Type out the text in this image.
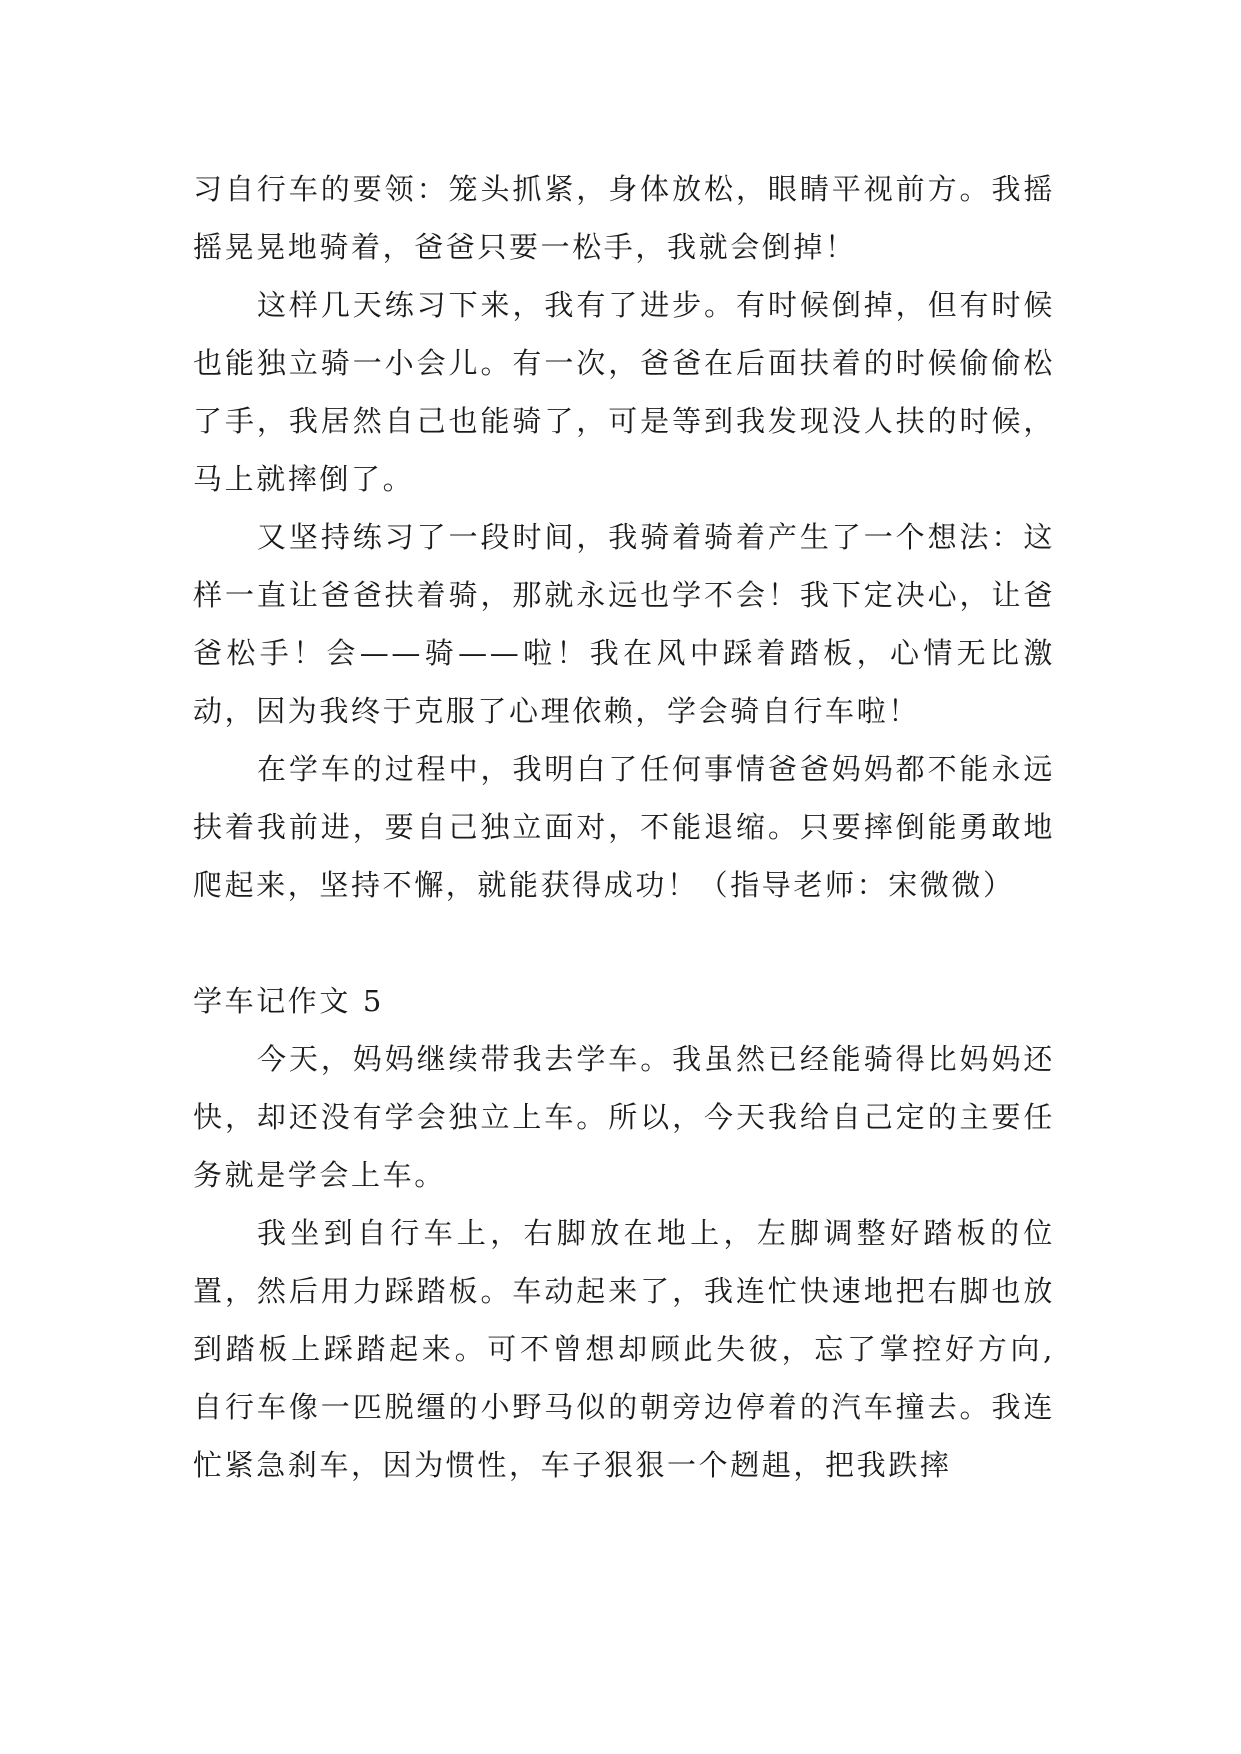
习自行车的要领：笼头抓紧，身体放松，眼睛平视前方。我摇摇晃晃地骑着，爸爸只要一松手，我就会倒掉！

这样几天练习下来，我有了进步。有时候倒掉，但有时候也能独立骑一小会儿。有一次，爸爸在后面扶着的时候偷偷松了手，我居然自己也能骑了，可是等到我发现没人扶的时候，马上就摔倒了。

又坚持练习了一段时间，我骑着骑着产生了一个想法：这样一直让爸爸扶着骑，那就永远也学不会！我下定决心，让爸爸松手！会——骑——啦！我在风中踩着踏板，心情无比激动，因为我终于克服了心理依赖，学会骑自行车啦！

在学车的过程中，我明白了任何事情爸爸妈妈都不能永远扶着我前进，要自己独立面对，不能退缩。只要摔倒能勇敢地爬起来，坚持不懈，就能获得成功！（指导老师：宋微微）

学车记作文 5

今天，妈妈继续带我去学车。我虽然已经能骑得比妈妈还快，却还没有学会独立上车。所以，今天我给自己定的主要任务就是学会上车。

我坐到自行车上，右脚放在地上，左脚调整好踏板的位置，然后用力踩踏板。车动起来了，我连忙快速地把右脚也放到踏板上踩踏起来。可不曾想却顾此失彼，忘了掌控好方向,自行车像一匹脱缰的小野马似的朝旁边停着的汽车撞去。我连忙紧急刹车，因为惯性，车子狠狠一个趔趄，把我跌摔
